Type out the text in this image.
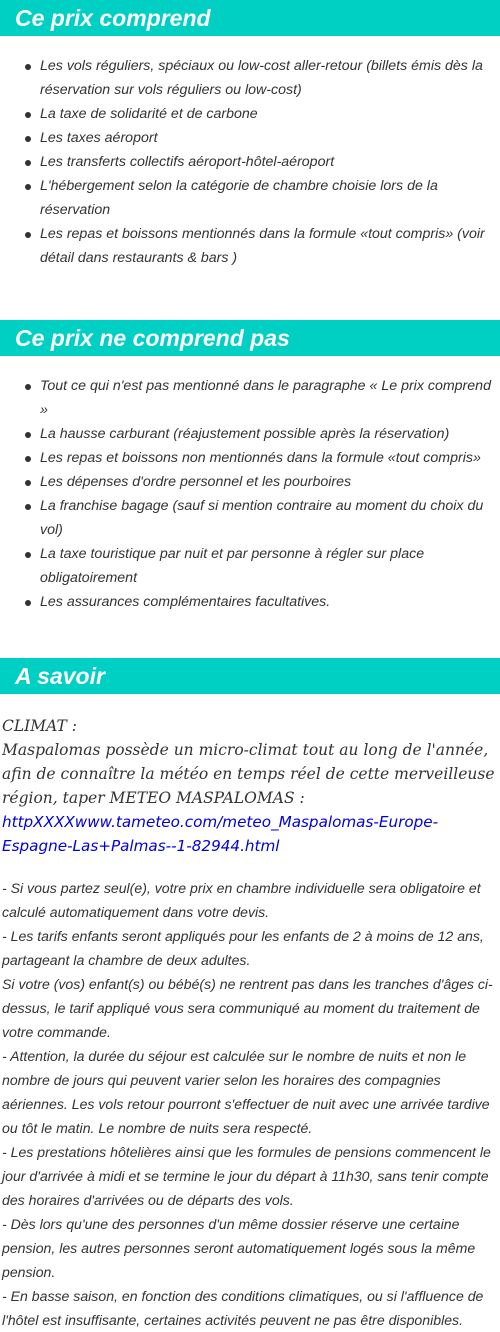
Ce prix comprend
Les vols réguliers, spéciaux ou low-cost aller-retour (billets émis dès la réservation sur vols réguliers ou low-cost)
La taxe de solidarité et de carbone
Les taxes aéroport
Les transferts collectifs aéroport-hôtel-aéroport
L'hébergement selon la catégorie de chambre choisie lors de la réservation
Les repas et boissons mentionnés dans la formule «tout compris» (voir détail dans restaurants & bars )
Ce prix ne comprend pas
Tout ce qui n'est pas mentionné dans le paragraphe « Le prix comprend »
La hausse carburant (réajustement possible après la réservation)
Les repas et boissons non mentionnés dans la formule «tout compris»
Les dépenses d'ordre personnel et les pourboires
La franchise bagage (sauf si mention contraire au moment du choix du vol)
La taxe touristique par nuit et par personne à régler sur place obligatoirement
Les assurances complémentaires facultatives.
A savoir
CLIMAT :
Maspalomas possède un micro-climat tout au long de l'année, afin de connaître la météo en temps réel de cette merveilleuse région, taper METEO MASPALOMAS :
httpXXXXwww.tameteo.com/meteo_Maspalomas-Europe-Espagne-Las+Palmas--1-82944.html

- Si vous partez seul(e), votre prix en chambre individuelle sera obligatoire et calculé automatiquement dans votre devis.

- Les tarifs enfants seront appliqués pour les enfants de 2 à moins de 12 ans, partageant la chambre de deux adultes.

Si votre (vos) enfant(s) ou bébé(s) ne rentrent pas dans les tranches d'âges ci-dessus, le tarif appliqué vous sera communiqué au moment du traitement de votre commande.

- Attention, la durée du séjour est calculée sur le nombre de nuits et non le nombre de jours qui peuvent varier selon les horaires des compagnies aériennes. Les vols retour pourront s'effectuer de nuit avec une arrivée tardive ou tôt le matin. Le nombre de nuits sera respecté.

- Les prestations hôtelières ainsi que les formules de pensions commencent le jour d'arrivée à midi et se termine le jour du départ à 11h30, sans tenir compte des horaires d'arrivées ou de départs des vols.

- Dès lors qu'une des personnes d'un même dossier réserve une certaine pension, les autres personnes seront automatiquement logés sous la même pension.

- En basse saison, en fonction des conditions climatiques, ou si l'affluence de l'hôtel est insuffisante, certaines activités peuvent ne pas être disponibles.
